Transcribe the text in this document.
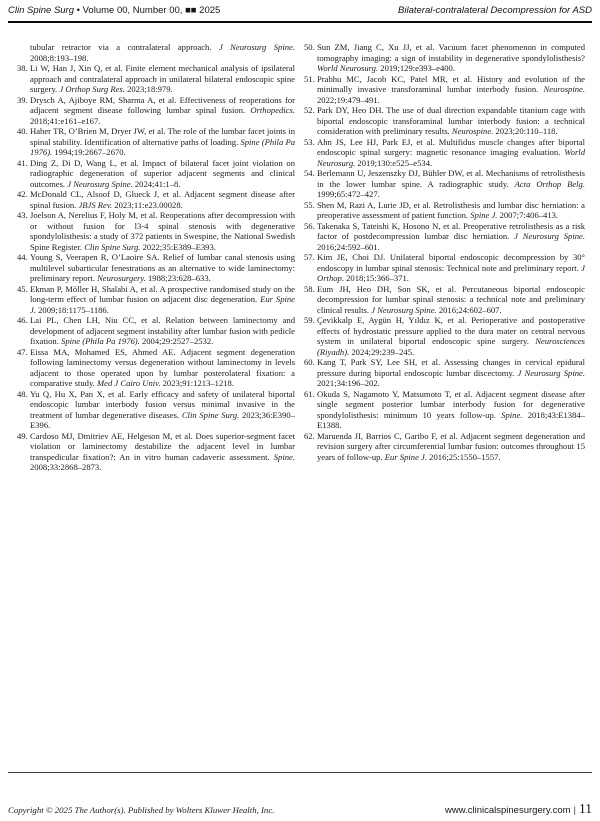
Clin Spine Surg • Volume 00, Number 00, ■■ 2025	Bilateral-contralateral Decompression for ASD
tubular retractor via a contralateral approach. J Neurosurg Spine. 2008;8:193–198.
38. Li W, Han J, Xin Q, et al. Finite element mechanical analysis of ipsilateral approach and contralateral approach in unilateral bilateral endoscopic spine surgery. J Orthop Surg Res. 2023;18:979.
39. Drysch A, Ajiboye RM, Sharma A, et al. Effectiveness of reoperations for adjacent segment disease following lumbar spinal fusion. Orthopedics. 2018;41:e161–e167.
40. Haher TR, O’Brien M, Dryer JW, et al. The role of the lumbar facet joints in spinal stability. Identification of alternative paths of loading. Spine (Phila Pa 1976). 1994;19:2667–2670.
41. Ding Z, Di D, Wang L, et al. Impact of bilateral facet joint violation on radiographic degeneration of superior adjacent segments and clinical outcomes. J Neurosurg Spine. 2024;41:1–8.
42. McDonald CL, Alsoof D, Glueck J, et al. Adjacent segment disease after spinal fusion. JBJS Rev. 2023;11:e23.00028.
43. Joelson A, Nerelius F, Holy M, et al. Reoperations after decompression with or without fusion for l3-4 spinal stenosis with degenerative spondylolisthesis: a study of 372 patients in Swespine, the National Swedish Spine Register. Clin Spine Surg. 2022;35:E389–E393.
44. Young S, Veerapen R, O’Laoire SA. Relief of lumbar canal stenosis using multilevel subarticular fenestrations as an alternative to wide laminectomy: preliminary report. Neurosurgery. 1988;23:628–633.
45. Ekman P, Möller H, Shalabi A, et al. A prospective randomised study on the long-term effect of lumbar fusion on adjacent disc degeneration. Eur Spine J. 2009;18:1175–1186.
46. Lai PL, Chen LH, Niu CC, et al. Relation between laminectomy and development of adjacent segment instability after lumbar fusion with pedicle fixation. Spine (Phila Pa 1976). 2004;29:2527–2532.
47. Eissa MA, Mohamed ES, Ahmed AE. Adjacent segment degeneration following laminectomy versus degeneration without laminectomy in levels adjacent to those operated upon by lumbar posterolateral fixation: a comparative study. Med J Cairo Univ. 2023;91:1213–1218.
48. Yu Q, Hu X, Pan X, et al. Early efficacy and safety of unilateral biportal endoscopic lumbar interbody fusion versus minimal invasive in the treatment of lumbar degenerative diseases. Clin Spine Surg. 2023;36:E390–E396.
49. Cardoso MJ, Dmitriev AE, Helgeson M, et al. Does superior-segment facet violation or laminectomy destabilize the adjacent level in lumbar transpedicular fixation?: An in vitro human cadaveric assessment. Spine. 2008;33:2868–2873.
50. Sun ZM, Jiang C, Xu JJ, et al. Vacuum facet phenomenon in computed tomography imaging: a sign of instability in degenerative spondylolisthesis? World Neurosurg. 2019;129:e393–e400.
51. Prabhu MC, Jacob KC, Patel MR, et al. History and evolution of the minimally invasive transforaminal lumbar interbody fusion. Neurospine. 2022;19:479–491.
52. Park DY, Heo DH. The use of dual direction expandable titanium cage with biportal endoscopic transforaminal lumbar interbody fusion: a technical consideration with preliminary results. Neurospine. 2023;20:110–118.
53. Ahn JS, Lee HJ, Park EJ, et al. Multifidus muscle changes after biportal endoscopic spinal surgery: magnetic resonance imaging evaluation. World Neurosurg. 2019;130:e525–e534.
54. Berlemann U, Jeszenszky DJ, Bühler DW, et al. Mechanisms of retrolisthesis in the lower lumbar spine. A radiographic study. Acta Orthop Belg. 1999;65:472–427.
55. Shen M, Razi A, Lurie JD, et al. Retrolisthesis and lumbar disc herniation: a preoperative assessment of patient function. Spine J. 2007;7:406–413.
56. Takenaka S, Tateishi K, Hosono N, et al. Preoperative retrolisthesis as a risk factor of postdecompression lumbar disc herniation. J Neurosurg Spine. 2016;24:592–601.
57. Kim JE, Choi DJ. Unilateral biportal endoscopic decompression by 30° endoscopy in lumbar spinal stenosis: Technical note and preliminary report. J Orthop. 2018;15:366–371.
58. Eum JH, Heo DH, Son SK, et al. Percutaneous biportal endoscopic decompression for lumbar spinal stenosis: a technical note and preliminary clinical results. J Neurosurg Spine. 2016;24:602–607.
59. Çevikkalp E, Aygün H, Yıldız K, et al. Perioperative and postoperative effects of hydrostatic pressure applied to the dura mater on central nervous system in unilateral biportal endoscopic spine surgery. Neurosciences (Riyadh). 2024;29:239–245.
60. Kang T, Park SY, Lee SH, et al. Assessing changes in cervical epidural pressure during biportal endoscopic lumbar discectomy. J Neurosurg Spine. 2021;34:196–202.
61. Okuda S, Nagamoto Y, Matsumoto T, et al. Adjacent segment disease after single segment posterior lumbar interbody fusion for degenerative spondylolisthesis: minimum 10 years follow-up. Spine. 2018;43:E1384–E1388.
62. Maruenda JI, Barrios C, Garibo F, et al. Adjacent segment degeneration and revision surgery after circumferential lumbar fusion: outcomes throughout 15 years of follow-up. Eur Spine J. 2016;25:1550–1557.
Copyright © 2025 The Author(s). Published by Wolters Kluwer Health, Inc.	www.clinicalspinesurgery.com | 11
